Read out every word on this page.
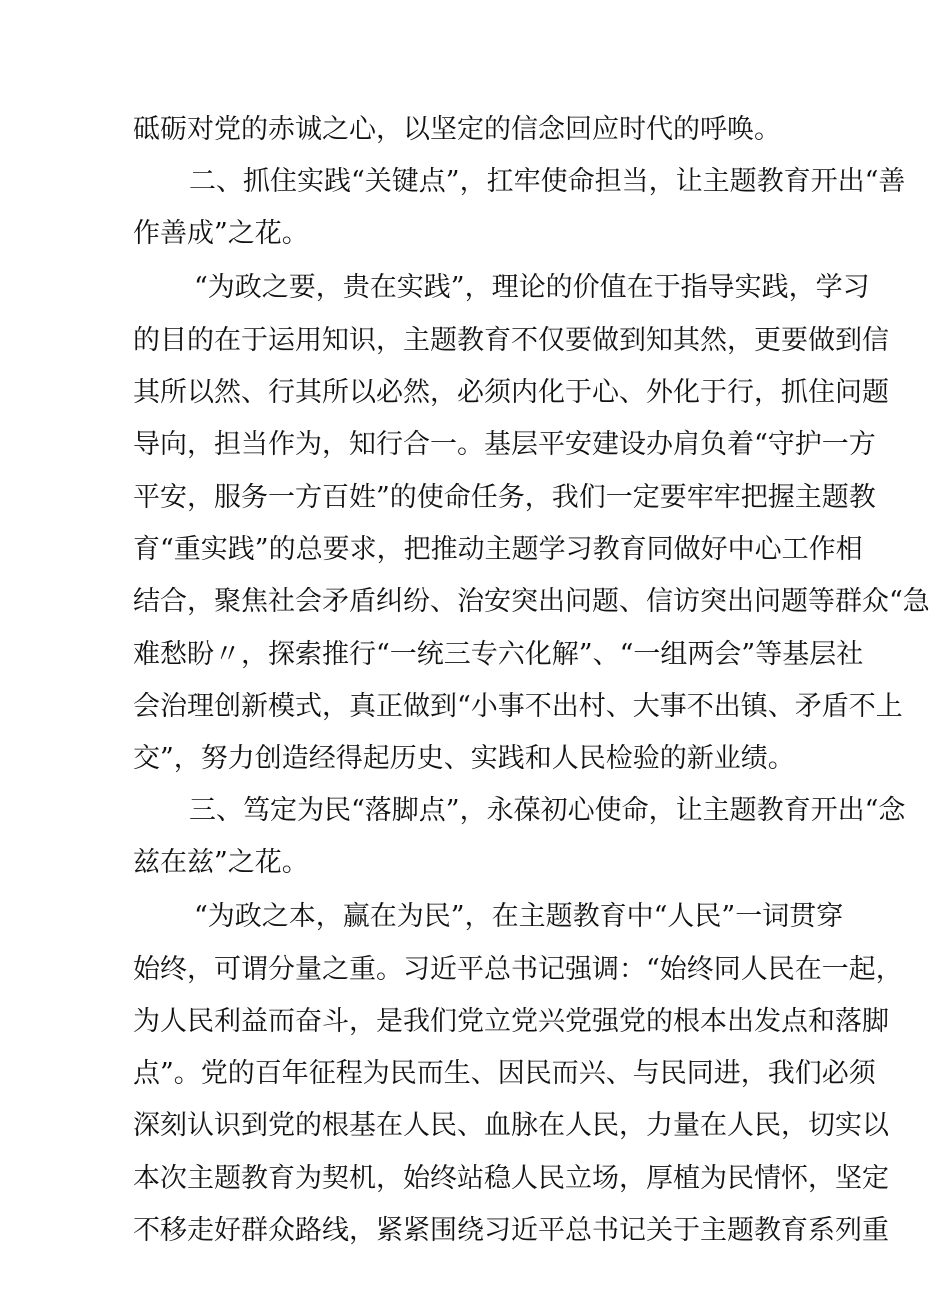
砥砺对党的赤诚之心，以坚定的信念回应时代的呼唤。
二、抓住实践“关键点”，扛牢使命担当，让主题教育开出“善
作善成”之花。
“为政之要，贵在实践”，理论的价值在于指导实践，学习
的目的在于运用知识，主题教育不仅要做到知其然，更要做到信
其所以然、行其所以必然，必须内化于心、外化于行，抓住问题
导向，担当作为，知行合一。基层平安建设办肩负着“守护一方
平安，服务一方百姓”的使命任务，我们一定要牢牢把握主题教
育“重实践”的总要求，把推动主题学习教育同做好中心工作相
结合，聚焦社会矛盾纠纷、治安突出问题、信访突出问题等群众“急
难愁盼〃，探索推行“一统三专六化解”、“一组两会”等基层社
会治理创新模式，真正做到“小事不出村、大事不出镇、矛盾不上
交”，努力创造经得起历史、实践和人民检验的新业绩。
三、笃定为民“落脚点”，永葆初心使命，让主题教育开出“念
兹在兹”之花。
“为政之本，赢在为民”，在主题教育中“人民”一词贯穿
始终，可谓分量之重。习近平总书记强调：“始终同人民在一起，
为人民利益而奋斗，是我们党立党兴党强党的根本出发点和落脚
点”。党的百年征程为民而生、因民而兴、与民同进，我们必须
深刻认识到党的根基在人民、血脉在人民，力量在人民，切实以
本次主题教育为契机，始终站稳人民立场，厚植为民情怀，坚定
不移走好群众路线，紧紧围绕习近平总书记关于主题教育系列重
